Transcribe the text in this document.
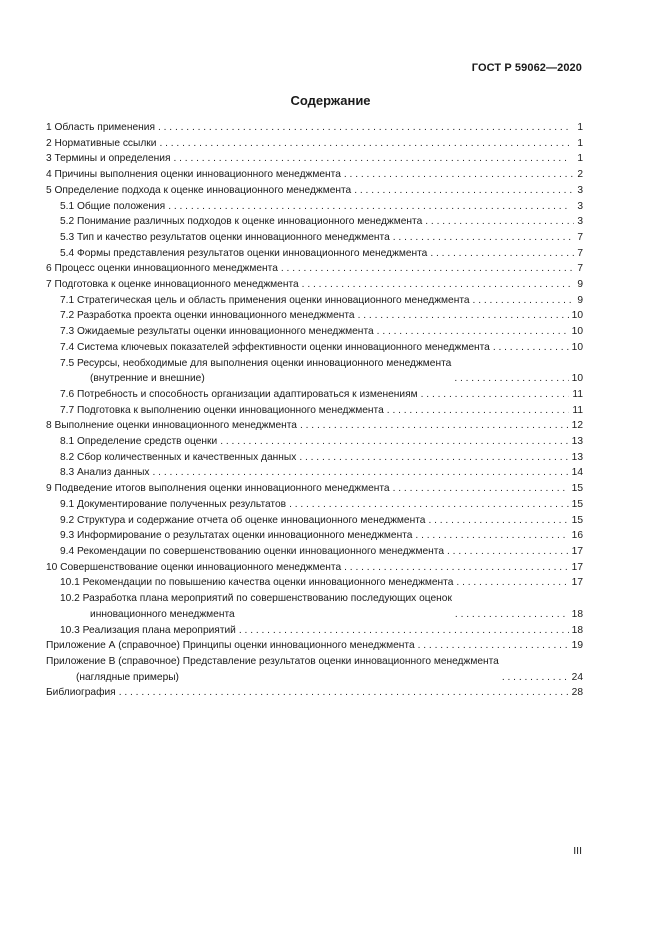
ГОСТ Р 59062—2020
Содержание
1 Область применения . . .	1
2 Нормативные ссылки . . .	1
3 Термины и определения . . .	1
4 Причины выполнения оценки инновационного менеджмента . . .	2
5 Определение подхода к оценке инновационного менеджмента . . .	3
5.1 Общие положения . . .	3
5.2 Понимание различных подходов к оценке инновационного менеджмента . . .	3
5.3 Тип и качество результатов оценки инновационного менеджмента . . .	7
5.4 Формы представления результатов оценки инновационного менеджмента . . .	7
6 Процесс оценки инновационного менеджмента . . .	7
7 Подготовка к оценке инновационного менеджмента . . .	9
7.1 Стратегическая цель и область применения оценки инновационного менеджмента . . .	9
7.2 Разработка проекта оценки инновационного менеджмента . . .	10
7.3 Ожидаемые результаты оценки инновационного менеджмента . . .	10
7.4 Система ключевых показателей эффективности оценки инновационного менеджмента . . .	10
7.5 Ресурсы, необходимые для выполнения оценки инновационного менеджмента
(внутренние и внешние) . . .	10
7.6 Потребность и способность организации адаптироваться к изменениям . . .	11
7.7 Подготовка к выполнению оценки инновационного менеджмента . . .	11
8 Выполнение оценки инновационного менеджмента . . .	12
8.1 Определение средств оценки . . .	13
8.2 Сбор количественных и качественных данных . . .	13
8.3 Анализ данных . . .	14
9 Подведение итогов выполнения оценки инновационного менеджмента . . .	15
9.1 Документирование полученных результатов . . .	15
9.2 Структура и содержание отчета об оценке инновационного менеджмента . . .	15
9.3 Информирование о результатах оценки инновационного менеджмента . . .	16
9.4 Рекомендации по совершенствованию оценки инновационного менеджмента . . .	17
10 Совершенствование оценки инновационного менеджмента . . .	17
10.1 Рекомендации по повышению качества оценки инновационного менеджмента . . .	17
10.2 Разработка плана мероприятий по совершенствованию последующих оценок
инновационного менеджмента . . .	18
10.3 Реализация плана мероприятий . . .	18
Приложение А (справочное) Принципы оценки инновационного менеджмента . . .	19
Приложение В (справочное) Представление результатов оценки инновационного менеджмента
(наглядные примеры) . . .	24
Библиография . . .	28
III
